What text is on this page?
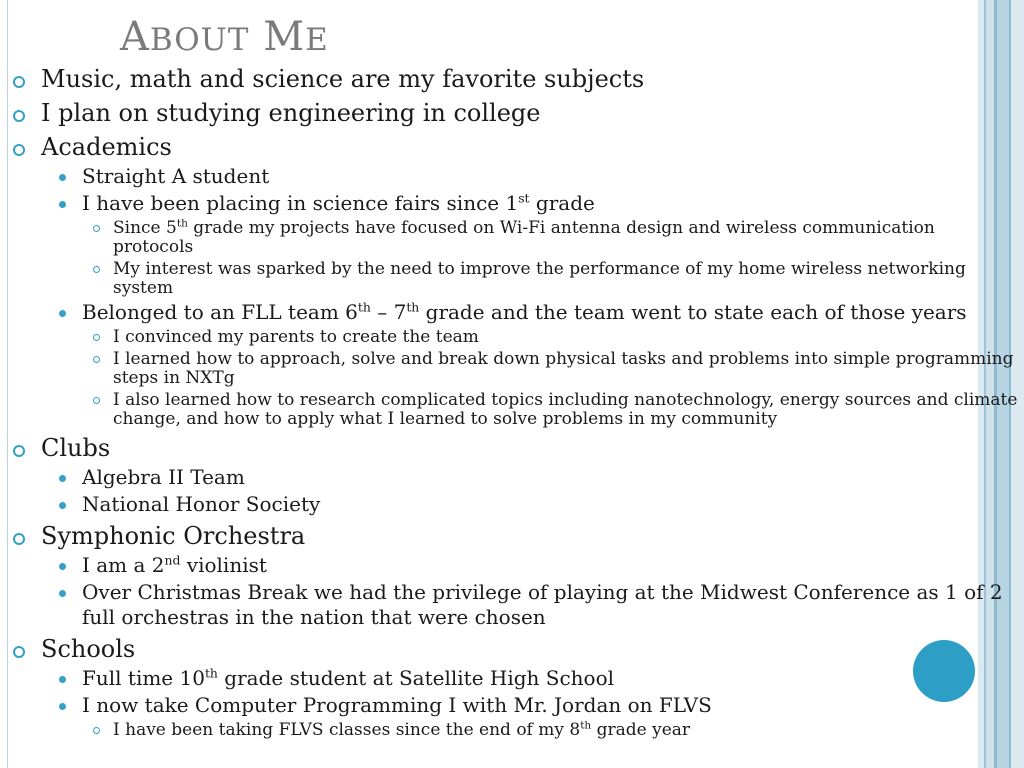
ABOUT ME
Music, math and science are my favorite subjects
I plan on studying engineering in college
Academics
Straight A student
I have been placing in science fairs since 1st grade
Since 5th grade my projects have focused on Wi-Fi antenna design and wireless communication protocols
My interest was sparked by the need to improve the performance of my home wireless networking system
Belonged to an FLL team 6th – 7th grade and the team went to state each of those years
I convinced my parents to create the team
I learned how to approach, solve and break down physical tasks and problems into simple programming steps in NXTg
I also learned how to research complicated topics including nanotechnology, energy sources and climate change, and how to apply what I learned to solve problems in my community
Clubs
Algebra II Team
National Honor Society
Symphonic Orchestra
I am a 2nd violinist
Over Christmas Break we had the privilege of playing at the Midwest Conference as 1 of 2 full orchestras in the nation that were chosen
Schools
Full time 10th grade student at Satellite High School
I now take Computer Programming I with Mr. Jordan on FLVS
I have been taking FLVS classes since the end of my 8th grade year
